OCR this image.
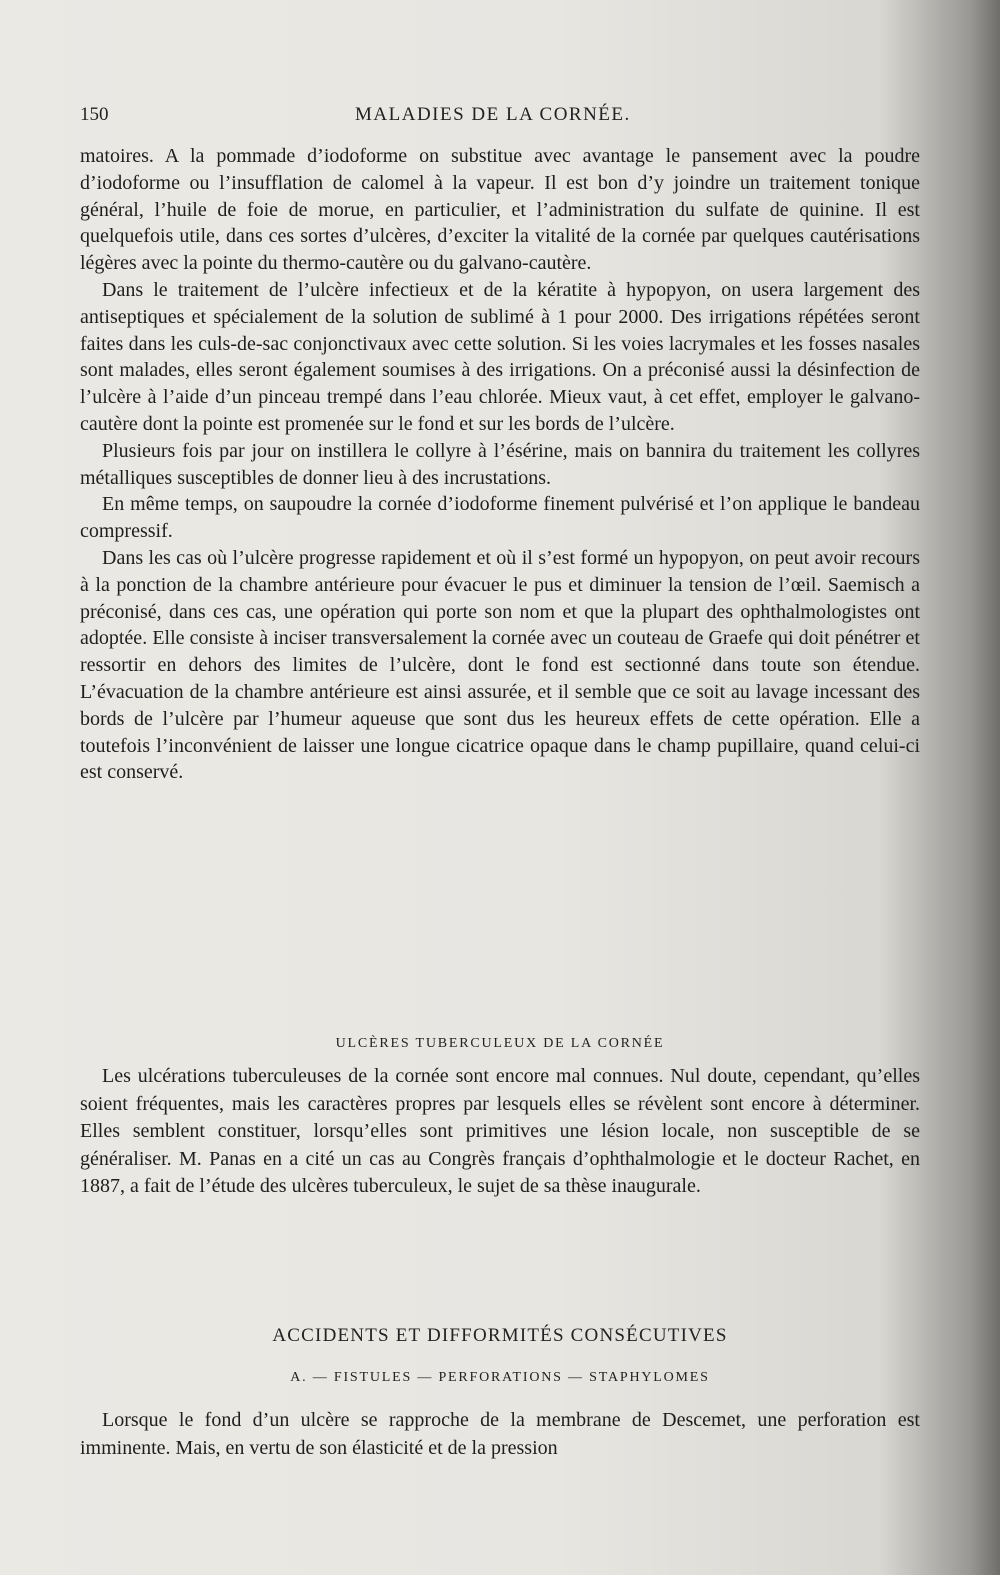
150	MALADIES DE LA CORNÉE.

matoires. A la pommade d’iodoforme on substitue avec avantage le pansement avec la poudre d’iodoforme ou l’insufflation de calomel à la vapeur. Il est bon d’y joindre un traitement tonique général, l’huile de foie de morue, en particulier, et l’administration du sulfate de quinine. Il est quelquefois utile, dans ces sortes d’ulcères, d’exciter la vitalité de la cornée par quelques cautérisations légères avec la pointe du thermo-cautère ou du galvano-cautère.

Dans le traitement de l’ulcère infectieux et de la kératite à hypopyon, on usera largement des antiseptiques et spécialement de la solution de sublimé à 1 pour 2000. Des irrigations répétées seront faites dans les culs-de-sac conjonctivaux avec cette solution. Si les voies lacrymales et les fosses nasales sont malades, elles seront également soumises à des irrigations. On a préconisé aussi la désinfection de l’ulcère à l’aide d’un pinceau trempé dans l’eau chlorée. Mieux vaut, à cet effet, employer le galvano-cautère dont la pointe est promenée sur le fond et sur les bords de l’ulcère.

Plusieurs fois par jour on instillera le collyre à l’ésérine, mais on bannira du traitement les collyres métalliques susceptibles de donner lieu à des incrustations.

En même temps, on saupoudre la cornée d’iodoforme finement pulvérisé et l’on applique le bandeau compressif.

Dans les cas où l’ulcère progresse rapidement et où il s’est formé un hypopyon, on peut avoir recours à la ponction de la chambre antérieure pour évacuer le pus et diminuer la tension de l’œil. Saemisch a préconisé, dans ces cas, une opération qui porte son nom et que la plupart des ophthalmologistes ont adoptée. Elle consiste à inciser transversalement la cornée avec un couteau de Graefe qui doit pénétrer et ressortir en dehors des limites de l’ulcère, dont le fond est sectionné dans toute son étendue. L’évacuation de la chambre antérieure est ainsi assurée, et il semble que ce soit au lavage incessant des bords de l’ulcère par l’humeur aqueuse que sont dus les heureux effets de cette opération. Elle a toutefois l’inconvénient de laisser une longue cicatrice opaque dans le champ pupillaire, quand celui-ci est conservé.

ULCÈRES TUBERCULEUX DE LA CORNÉE

Les ulcérations tuberculeuses de la cornée sont encore mal connues. Nul doute, cependant, qu’elles soient fréquentes, mais les caractères propres par lesquels elles se révèlent sont encore à déterminer. Elles semblent constituer, lorsqu’elles sont primitives une lésion locale, non susceptible de se généraliser. M. Panas en a cité un cas au Congrès français d’ophthalmologie et le docteur Rachet, en 1887, a fait de l’étude des ulcères tuberculeux, le sujet de sa thèse inaugurale.

ACCIDENTS ET DIFFORMITÉS CONSÉCUTIVES
A. — FISTULES — PERFORATIONS — STAPHYLOMES

Lorsque le fond d’un ulcère se rapproche de la membrane de Descemet, une perforation est imminente. Mais, en vertu de son élasticité et de la pression
